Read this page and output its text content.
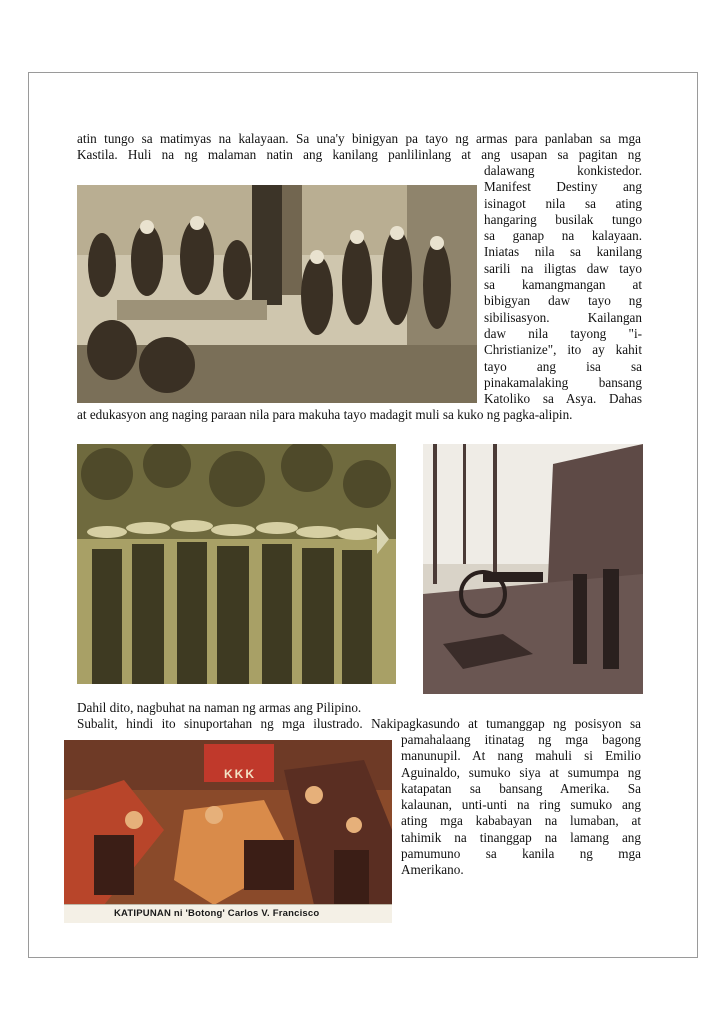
atin tungo sa matimyas na kalayaan. Sa una'y binigyan pa tayo ng armas para panlaban sa mga

Kastila. Huli na ng malaman natin ang kanilang panlilinlang at ang usapan sa pagitan ng

dalawang konkistedor.
Manifest Destiny ang
isinagot nila sa ating
hangaring busilak tungo
sa ganap na kalayaan.
Iniatas nila sa kanilang
sarili na iligtas daw tayo
sa kamangmangan at
bibigyan daw tayo ng
sibilisasyon. Kailangan
daw nila tayong "i-
Christianize", ito ay kahit
tayo ang isa sa
pinakamalaking bansang
Katoliko sa Asya. Dahas

at edukasyon ang naging paraan nila para makuha tayo madagit muli sa kuko ng pagka-alipin.

Dahil dito, nagbuhat na naman ng armas ang Pilipino.

Subalit, hindi ito sinuportahan ng mga ilustrado. Nakipagkasundo at tumanggap ng posisyon sa

pamahalaang itinatag ng mga bagong
manunupil. At nang mahuli si Emilio
Aguinaldo, sumuko siya at sumumpa ng
katapatan sa bansang Amerika. Sa
kalaunan, unti-unti na ring sumuko ang
ating mga kababayan na lumaban, at
tahimik na tinanggap na lamang ang
pamumuno sa kanila ng mga
Amerikano.
KKK
KATIPUNAN ni 'Botong' Carlos V. Francisco
